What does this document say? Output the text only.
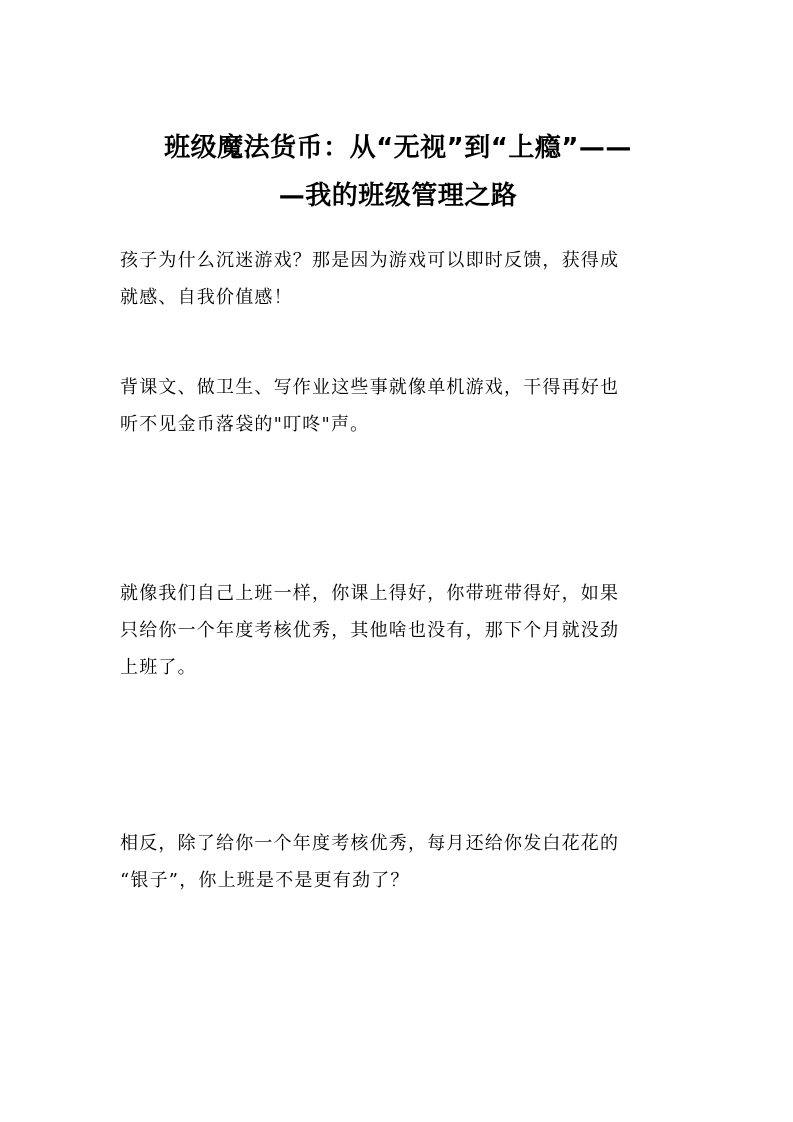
班级魔法货币：从“无视”到“上瘾”——
—我的班级管理之路

孩子为什么沉迷游戏？那是因为游戏可以即时反馈，获得成
就感、自我价值感！

背课文、做卫生、写作业这些事就像单机游戏，干得再好也
听不见金币落袋的"叮咚"声。

就像我们自己上班一样，你课上得好，你带班带得好，如果
只给你一个年度考核优秀，其他啥也没有，那下个月就没劲
上班了。

相反，除了给你一个年度考核优秀，每月还给你发白花花的
“银子”，你上班是不是更有劲了？
